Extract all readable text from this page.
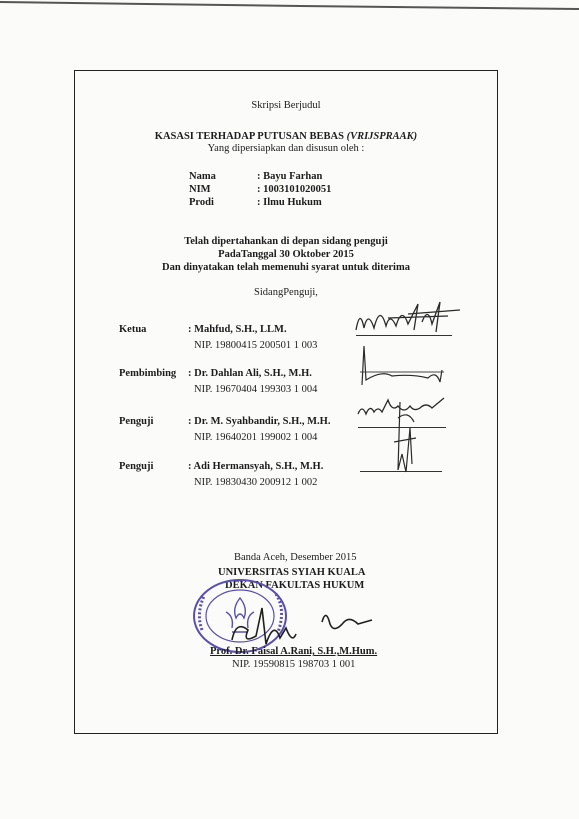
Skripsi Berjudul
KASASI TERHADAP PUTUSAN BEBAS (VRIJSPRAAK)
Yang dipersiapkan dan disusun oleh :
Nama	: Bayu Farhan
NIM	: 1003101020051
Prodi	: Ilmu Hukum
Telah dipertahankan di depan sidang penguji
PadaTanggal 30 Oktober 2015
Dan dinyatakan telah memenuhi syarat untuk diterima
SidangPenguji,
Ketua	: Mahfud, S.H., LLM.
NIP. 19800415 200501 1 003
Pembimbing : Dr. Dahlan Ali, S.H., M.H.
NIP. 19670404 199303 1 004
Penguji	: Dr. M. Syahbandir, S.H., M.H.
NIP. 19640201 199002 1 004
Penguji	: Adi Hermansyah, S.H., M.H.
NIP. 19830430 200912 1 002
Banda Aceh, Desember 2015
UNIVERSITAS SYIAH KUALA
DEKAN FAKULTAS HUKUM
Prof. Dr. Faisal A.Rani, S.H.,M.Hum.
NIP. 19590815 198703 1 001
